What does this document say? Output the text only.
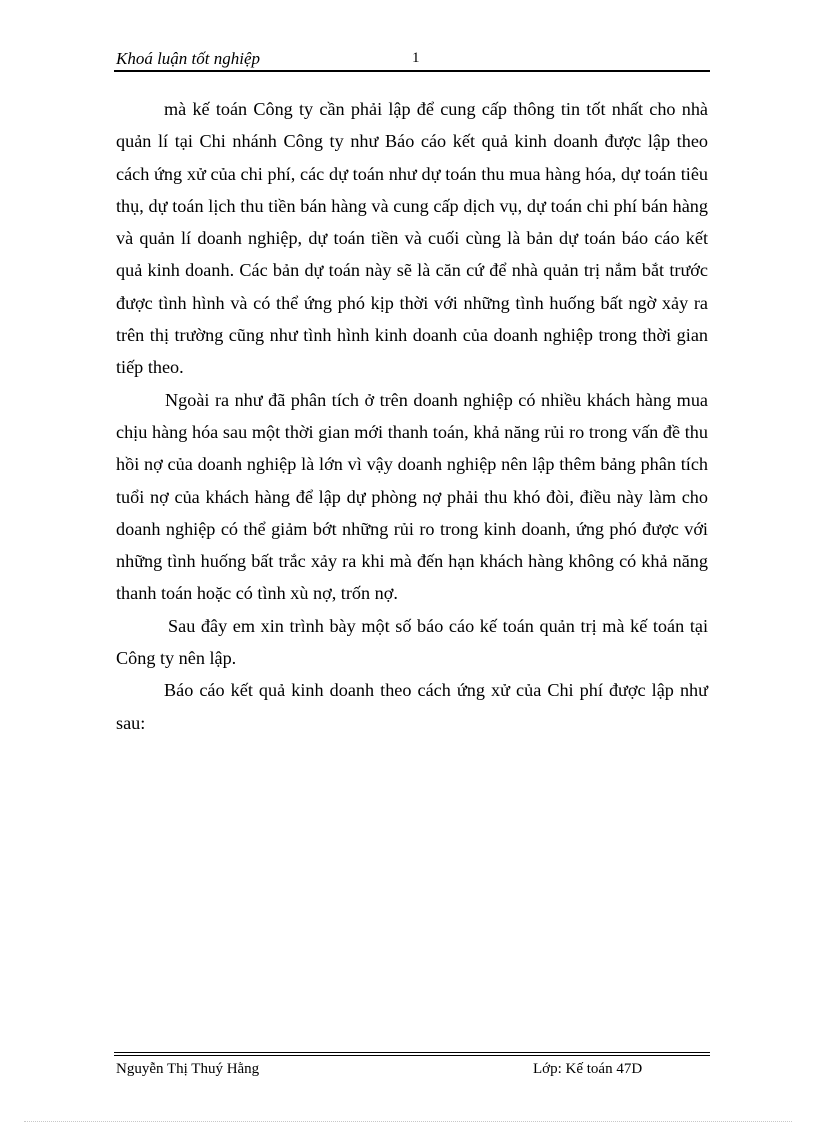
Khoá luận tốt nghiệp	1

mà kế toán Công ty cần phải lập để cung cấp thông tin tốt nhất cho nhà quản lí tại Chi nhánh Công ty như Báo cáo kết quả kinh doanh được lập theo cách ứng xử của chi phí, các dự toán như dự toán thu mua hàng hóa, dự toán tiêu thụ, dự toán lịch thu tiền bán hàng và cung cấp dịch vụ, dự toán chi phí bán hàng và quản lí doanh nghiệp, dự toán tiền và cuối cùng là bản dự toán báo cáo kết quả kinh doanh. Các bản dự toán này sẽ là căn cứ để nhà quản trị nắm bắt trước được tình hình và có thể ứng phó kịp thời với những tình huống bất ngờ xảy ra trên thị trường cũng như tình hình kinh doanh của doanh nghiệp trong thời gian tiếp theo.

Ngoài ra như đã phân tích ở trên doanh nghiệp có nhiều khách hàng mua chịu hàng hóa sau một thời gian mới thanh toán, khả năng rủi ro trong vấn đề thu hồi nợ của doanh nghiệp là lớn vì vậy doanh nghiệp nên lập thêm bảng phân tích tuổi nợ của khách hàng để lập dự phòng nợ phải thu khó đòi, điều này làm cho doanh nghiệp có thể giảm bớt những rủi ro trong kinh doanh, ứng phó được với những tình huống bất trắc xảy ra khi mà đến hạn khách hàng không có khả năng thanh toán hoặc có tình xù nợ, trốn nợ.

Sau đây em xin trình bày một số báo cáo kế toán quản trị mà kế toán tại Công ty nên lập.

Báo cáo kết quả kinh doanh theo cách ứng xử của Chi phí được lập như sau:

Nguyễn Thị Thuý Hằng	Lớp: Kế toán 47D
